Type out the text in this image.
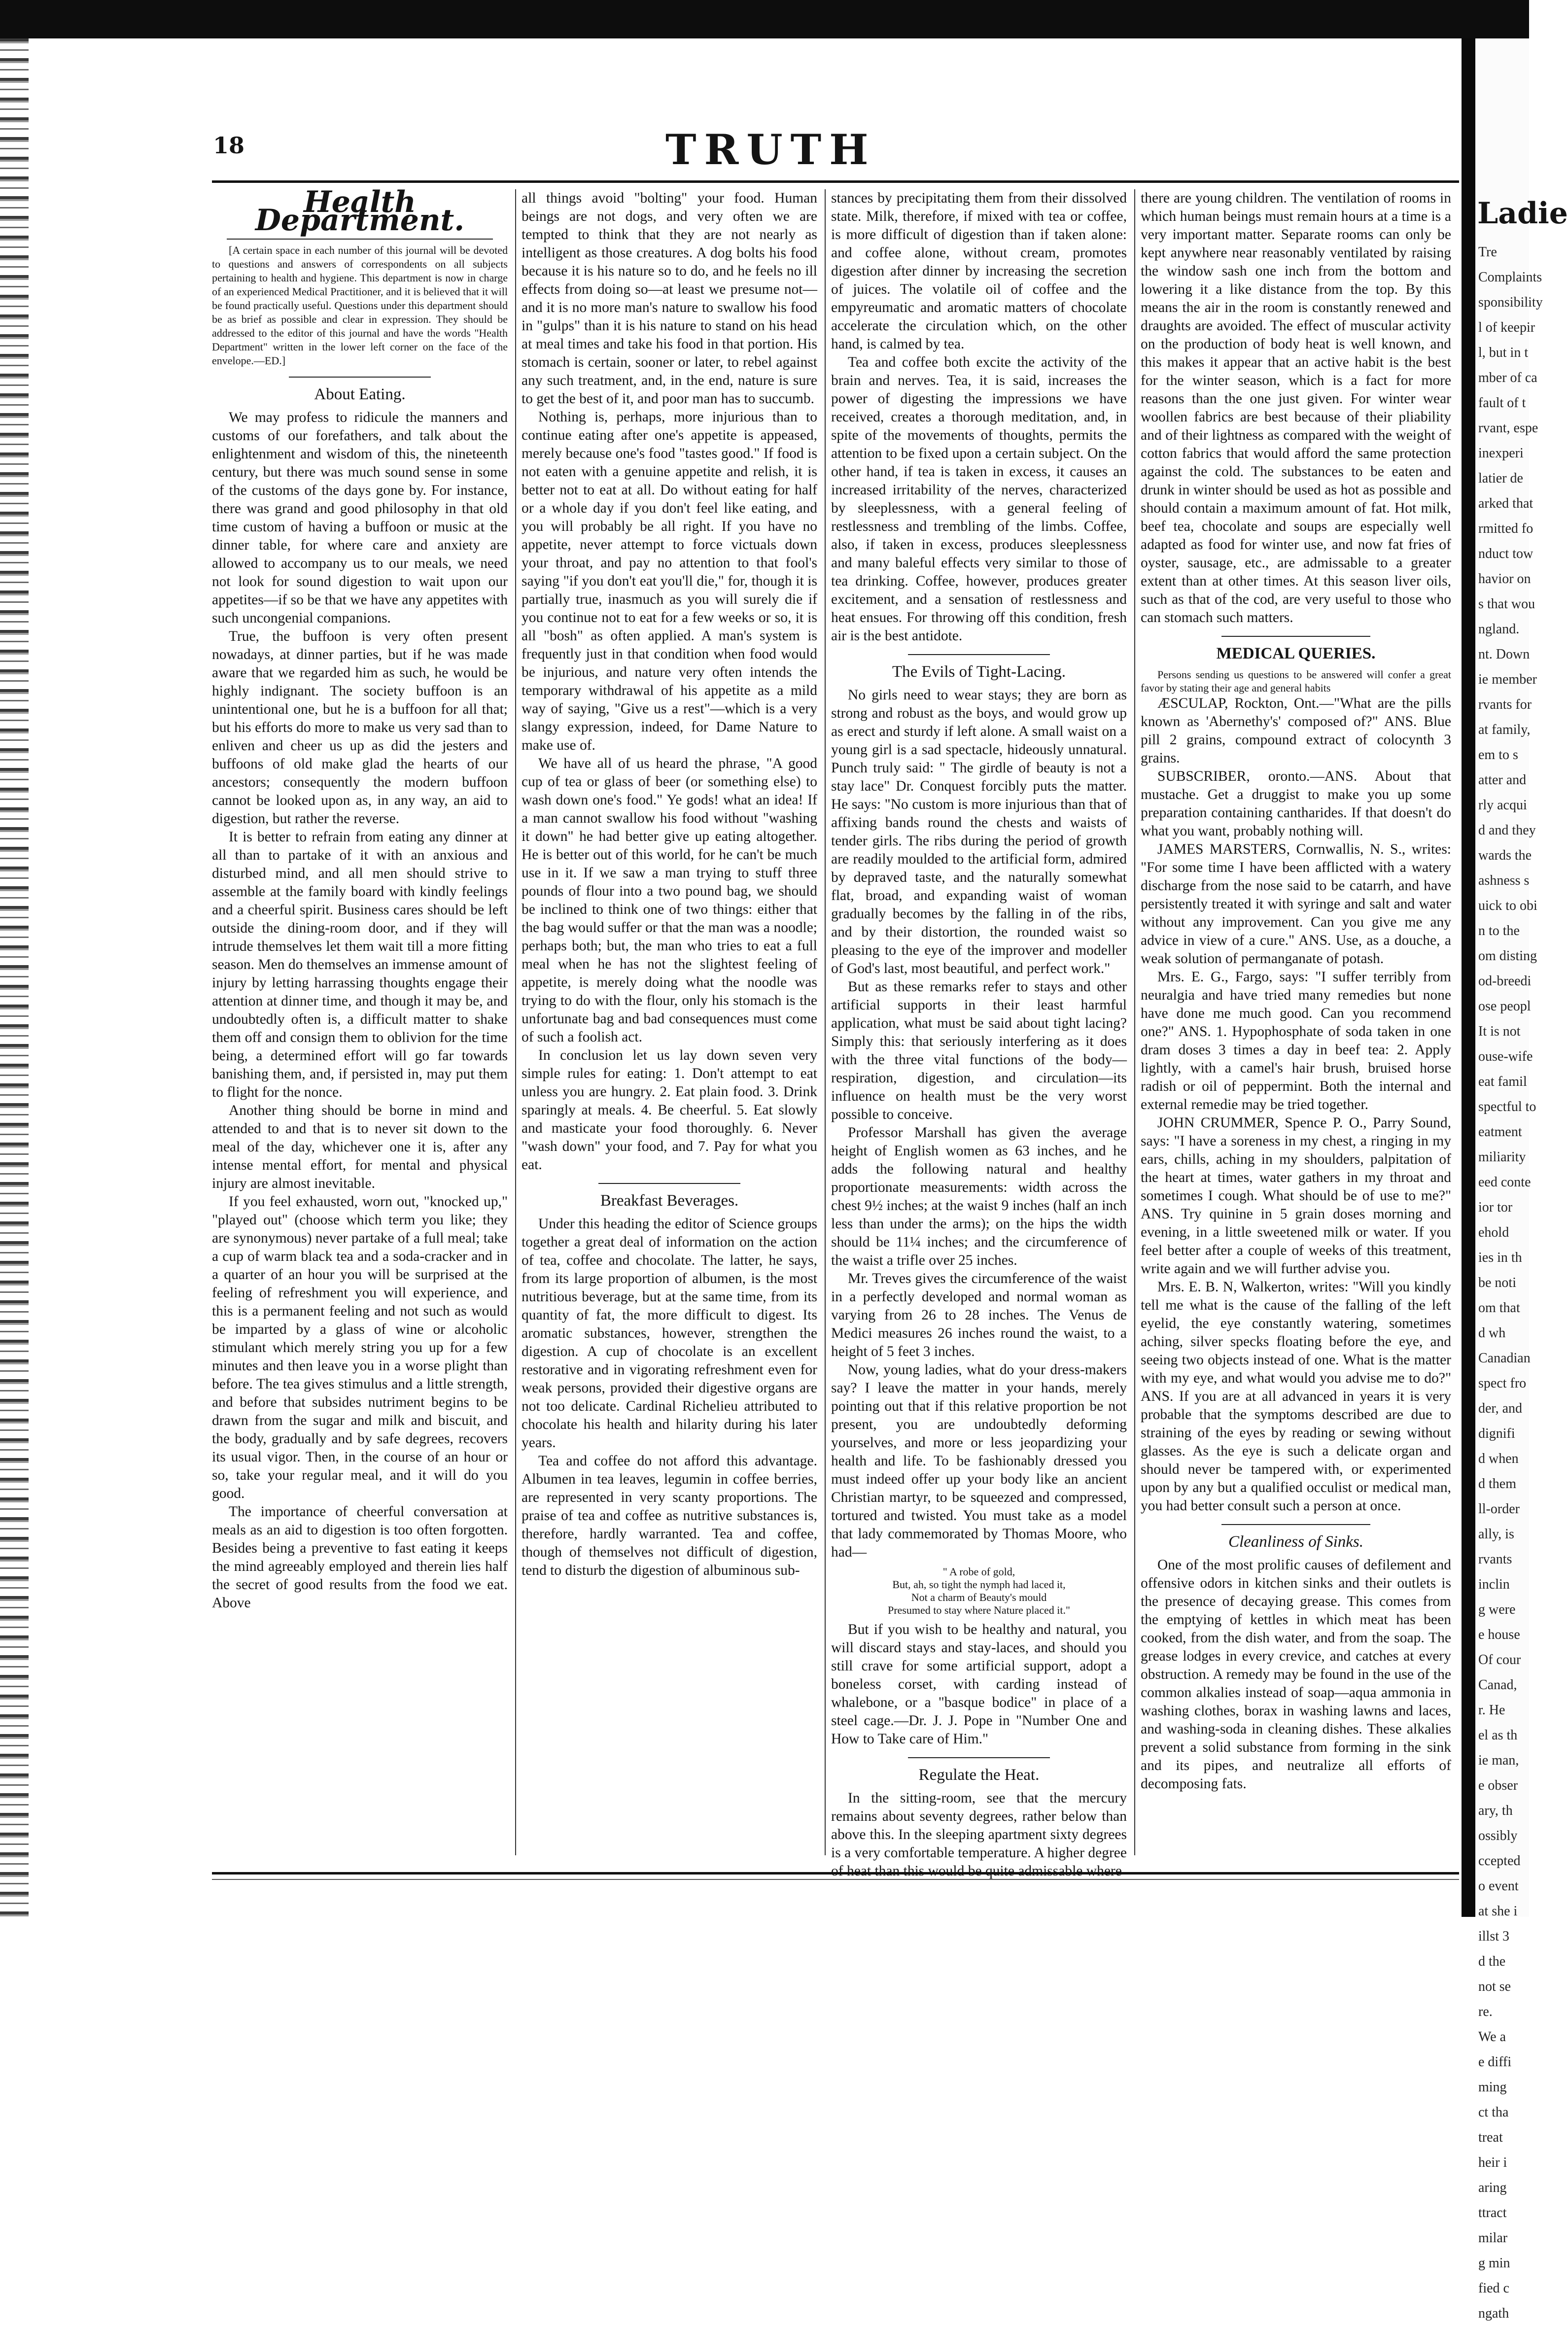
18	TRUTH
Health Department.

[A certain space in each number of this journal will be devoted to questions and answers of correspondents on all subjects pertaining to health and hygiene. This department is now in charge of an experienced Medical Practitioner, and it is believed that it will be found practically useful. Questions under this department should be as brief as possible and clear in expression. They should be addressed to the editor of this journal and have the words "Health Department" written in the lower left corner on the face of the envelope.—ED.]

About Eating.

We may profess to ridicule the manners and customs of our forefathers, and talk about the enlightenment and wisdom of this, the nineteenth century, but there was much sound sense in some of the customs of the days gone by. For instance, there was grand and good philosophy in that old time custom of having a buffoon or music at the dinner table, for where care and anxiety are allowed to accompany us to our meals, we need not look for sound digestion to wait upon our appetites—if so be that we have any appetites with such uncongenial companions.

True, the buffoon is very often present nowadays, at dinner parties, but if he was made aware that we regarded him as such, he would be highly indignant. The society buffoon is an unintentional one, but he is a buffoon for all that; but his efforts do more to make us very sad than to enliven and cheer us up as did the jesters and buffoons of old make glad the hearts of our ancestors; consequently the modern buffoon cannot be looked upon as, in any way, an aid to digestion, but rather the reverse.

It is better to refrain from eating any dinner at all than to partake of it with an anxious and disturbed mind, and all men should strive to assemble at the family board with kindly feelings and a cheerful spirit. Business cares should be left outside the dining-room door, and if they will intrude themselves let them wait till a more fitting season. Men do themselves an immense amount of injury by letting harrassing thoughts engage their attention at dinner time, and though it may be, and undoubtedly often is, a difficult matter to shake them off and consign them to oblivion for the time being, a determined effort will go far towards banishing them, and, if persisted in, may put them to flight for the nonce.

Another thing should be borne in mind and attended to and that is to never sit down to the meal of the day, whichever one it is, after any intense mental effort, for mental and physical injury are almost inevitable.

If you feel exhausted, worn out, "knocked up," "played out" (choose which term you like; they are synonymous) never partake of a full meal; take a cup of warm black tea and a soda-cracker and in a quarter of an hour you will be surprised at the feeling of refreshment you will experience, and this is a permanent feeling and not such as would be imparted by a glass of wine or alcoholic stimulant which merely string you up for a few minutes and then leave you in a worse plight than before. The tea gives stimulus and a little strength, and before that subsides nutriment begins to be drawn from the sugar and milk and biscuit, and the body, gradually and by safe degrees, recovers its usual vigor. Then, in the course of an hour or so, take your regular meal, and it will do you good.

The importance of cheerful conversation at meals as an aid to digestion is too often forgotten. Besides being a preventive to fast eating it keeps the mind agreeably employed and therein lies half the secret of good results from the food we eat. Above

all things avoid "bolting" your food. Human beings are not dogs, and very often we are tempted to think that they are not nearly as intelligent as those creatures. A dog bolts his food because it is his nature so to do, and he feels no ill effects from doing so—at least we presume not—and it is no more man's nature to swallow his food in "gulps" than it is his nature to stand on his head at meal times and take his food in that portion. His stomach is certain, sooner or later, to rebel against any such treatment, and, in the end, nature is sure to get the best of it, and poor man has to succumb.

Nothing is, perhaps, more injurious than to continue eating after one's appetite is appeased, merely because one's food "tastes good." If food is not eaten with a genuine appetite and relish, it is better not to eat at all. Do without eating for half or a whole day if you don't feel like eating, and you will probably be all right. If you have no appetite, never attempt to force victuals down your throat, and pay no attention to that fool's saying "if you don't eat you'll die," for, though it is partially true, inasmuch as you will surely die if you continue not to eat for a few weeks or so, it is all "bosh" as often applied. A man's system is frequently just in that condition when food would be injurious, and nature very often intends the temporary withdrawal of his appetite as a mild way of saying, "Give us a rest"—which is a very slangy expression, indeed, for Dame Nature to make use of.

We have all of us heard the phrase, "A good cup of tea or glass of beer (or something else) to wash down one's food." Ye gods! what an idea! If a man cannot swallow his food without "washing it down" he had better give up eating altogether. He is better out of this world, for he can't be much use in it. If we saw a man trying to stuff three pounds of flour into a two pound bag, we should be inclined to think one of two things: either that the bag would suffer or that the man was a noodle; perhaps both; but, the man who tries to eat a full meal when he has not the slightest feeling of appetite, is merely doing what the noodle was trying to do with the flour, only his stomach is the unfortunate bag and bad consequences must come of such a foolish act.

In conclusion let us lay down seven very simple rules for eating: 1. Don't attempt to eat unless you are hungry. 2. Eat plain food. 3. Drink sparingly at meals. 4. Be cheerful. 5. Eat slowly and masticate your food thoroughly. 6. Never "wash down" your food, and 7. Pay for what you eat.

Breakfast Beverages.

Under this heading the editor of Science groups together a great deal of information on the action of tea, coffee and chocolate. The latter, he says, from its large proportion of albumen, is the most nutritious beverage, but at the same time, from its quantity of fat, the more difficult to digest. Its aromatic substances, however, strengthen the digestion. A cup of chocolate is an excellent restorative and in vigorating refreshment even for weak persons, provided their digestive organs are not too delicate. Cardinal Richelieu attributed to chocolate his health and hilarity during his later years.

Tea and coffee do not afford this advantage. Albumen in tea leaves, legumin in coffee berries, are represented in very scanty proportions. The praise of tea and coffee as nutritive substances is, therefore, hardly warranted. Tea and coffee, though of themselves not difficult of digestion, tend to disturb the digestion of albuminous sub-

stances by precipitating them from their dissolved state. Milk, therefore, if mixed with tea or coffee, is more difficult of digestion than if taken alone: and coffee alone, without cream, promotes digestion after dinner by increasing the secretion of juices. The volatile oil of coffee and the empyreumatic and aromatic matters of chocolate accelerate the circulation which, on the other hand, is calmed by tea.

Tea and coffee both excite the activity of the brain and nerves. Tea, it is said, increases the power of digesting the impressions we have received, creates a thorough meditation, and, in spite of the movements of thoughts, permits the attention to be fixed upon a certain subject. On the other hand, if tea is taken in excess, it causes an increased irritability of the nerves, characterized by sleeplessness, with a general feeling of restlessness and trembling of the limbs. Coffee, also, if taken in excess, produces sleeplessness and many baleful effects very similar to those of tea drinking. Coffee, however, produces greater excitement, and a sensation of restlessness and heat ensues. For throwing off this condition, fresh air is the best antidote.

The Evils of Tight-Lacing.

No girls need to wear stays; they are born as strong and robust as the boys, and would grow up as erect and sturdy if left alone. A small waist on a young girl is a sad spectacle, hideously unnatural. Punch truly said: " The girdle of beauty is not a stay lace" Dr. Conquest forcibly puts the matter. He says: "No custom is more injurious than that of affixing bands round the chests and waists of tender girls. The ribs during the period of growth are readily moulded to the artificial form, admired by depraved taste, and the naturally somewhat flat, broad, and expanding waist of woman gradually becomes by the falling in of the ribs, and by their distortion, the rounded waist so pleasing to the eye of the improver and modeller of God's last, most beautiful, and perfect work."

But as these remarks refer to stays and other artificial supports in their least harmful application, what must be said about tight lacing? Simply this: that seriously interfering as it does with the three vital functions of the body—respiration, digestion, and circulation—its influence on health must be the very worst possible to conceive.

Professor Marshall has given the average height of English women as 63 inches, and he adds the following natural and healthy proportionate measurements: width across the chest 9½ inches; at the waist 9 inches (half an inch less than under the arms); on the hips the width should be 11¼ inches; and the circumference of the waist a trifle over 25 inches.

Mr. Treves gives the circumference of the waist in a perfectly developed and normal woman as varying from 26 to 28 inches. The Venus de Medici measures 26 inches round the waist, to a height of 5 feet 3 inches.

Now, young ladies, what do your dress-makers say? I leave the matter in your hands, merely pointing out that if this relative proportion be not present, you are undoubtedly deforming yourselves, and more or less jeopardizing your health and life. To be fashionably dressed you must indeed offer up your body like an ancient Christian martyr, to be squeezed and compressed, tortured and twisted. You must take as a model that lady commemorated by Thomas Moore, who had—

" A robe of gold,
But, ah, so tight the nymph had laced it,
Not a charm of Beauty's mould
Presumed to stay where Nature placed it."

But if you wish to be healthy and natural, you will discard stays and stay-laces, and should you still crave for some artificial support, adopt a boneless corset, with carding instead of whalebone, or a "basque bodice" in place of a steel cage.—Dr. J. J. Pope in "Number One and How to Take care of Him."

Regulate the Heat.

In the sitting-room, see that the mercury remains about seventy degrees, rather below than above this. In the sleeping apartment sixty degrees is a very comfortable temperature. A higher degree of heat than this would be quite admissable where

there are young children. The ventilation of rooms in which human beings must remain hours at a time is a very important matter. Separate rooms can only be kept anywhere near reasonably ventilated by raising the window sash one inch from the bottom and lowering it a like distance from the top. By this means the air in the room is constantly renewed and draughts are avoided. The effect of muscular activity on the production of body heat is well known, and this makes it appear that an active habit is the best for the winter season, which is a fact for more reasons than the one just given. For winter wear woollen fabrics are best because of their pliability and of their lightness as compared with the weight of cotton fabrics that would afford the same protection against the cold. The substances to be eaten and drunk in winter should be used as hot as possible and should contain a maximum amount of fat. Hot milk, beef tea, chocolate and soups are especially well adapted as food for winter use, and now fat fries of oyster, sausage, etc., are admissable to a greater extent than at other times. At this season liver oils, such as that of the cod, are very useful to those who can stomach such matters.

MEDICAL QUERIES.

Persons sending us questions to be answered will confer a great favor by stating their age and general habits

ÆSCULAP, Rockton, Ont.—"What are the pills known as 'Abernethy's' composed of?" ANS. Blue pill 2 grains, compound extract of colocynth 3 grains.

SUBSCRIBER, oronto.—ANS. About that mustache. Get a druggist to make you up some preparation containing cantharides. If that doesn't do what you want, probably nothing will.

JAMES MARSTERS, Cornwallis, N. S., writes: "For some time I have been afflicted with a watery discharge from the nose said to be catarrh, and have persistently treated it with syringe and salt and water without any improvement. Can you give me any advice in view of a cure." ANS. Use, as a douche, a weak solution of permanganate of potash.

Mrs. E. G., Fargo, says: "I suffer terribly from neuralgia and have tried many remedies but none have done me much good. Can you recommend one?" ANS. 1. Hypophosphate of soda taken in one dram doses 3 times a day in beef tea: 2. Apply lightly, with a camel's hair brush, bruised horse radish or oil of peppermint. Both the internal and external remedie may be tried together.

JOHN CRUMMER, Spence P. O., Parry Sound, says: "I have a soreness in my chest, a ringing in my ears, chills, aching in my shoulders, palpitation of the heart at times, water gathers in my throat and sometimes I cough. What should be of use to me?" ANS. Try quinine in 5 grain doses morning and evening, in a little sweetened milk or water. If you feel better after a couple of weeks of this treatment, write again and we will further advise you.

Mrs. E. B. N, Walkerton, writes: "Will you kindly tell me what is the cause of the falling of the left eyelid, the eye constantly watering, sometimes aching, silver specks floating before the eye, and seeing two objects instead of one. What is the matter with my eye, and what would you advise me to do?" ANS. If you are at all advanced in years it is very probable that the symptoms described are due to straining of the eyes by reading or sewing without glasses. As the eye is such a delicate organ and should never be tampered with, or experimented upon by any but a qualified occulist or medical man, you had better consult such a person at once.

Cleanliness of Sinks.

One of the most prolific causes of defilement and offensive odors in kitchen sinks and their outlets is the presence of decaying grease. This comes from the emptying of kettles in which meat has been cooked, from the dish water, and from the soap. The grease lodges in every crevice, and catches at every obstruction. A remedy may be found in the use of the common alkalies instead of soap—aqua ammonia in washing clothes, borax in washing lawns and laces, and washing-soda in cleaning dishes. These alkalies prevent a solid substance from forming in the sink and its pipes, and neutralize all efforts of decomposing fats.

Ladie
Tre
Complaints
sponsibility
l of keepir
l, but in t
mber of ca
fault of t
rvant, espe
inexperi
latier de
arked that
rmitted fo
nduct tow
havior on
s that wou
ngland.
nt. Down
ie member
rvants for
at family,
em to s
atter and
rly acqui
d and they
wards the
ashness s
uick to obi
n to the
om disting
od-breedi
ose peopl
It is not
ouse-wife
eat famil
spectful to
eatment
miliarity
eed conte
ior tor
ehold
ies in th
be noti
om that
d wh
Canadian
spect fro
der, and
dignifi
d when
d them
ll-order
ally, is
rvants
inclin
g were
e house
Of cour
Canad,
r. He
el as th
ie man,
e obser
ary, th
ossibly
ccepted
o event
at she i
illst 3
d the
not se
re.
We a
e diffi
ming
ct tha
treat
heir i
aring
ttract
milar
g min
fied c
ngath
